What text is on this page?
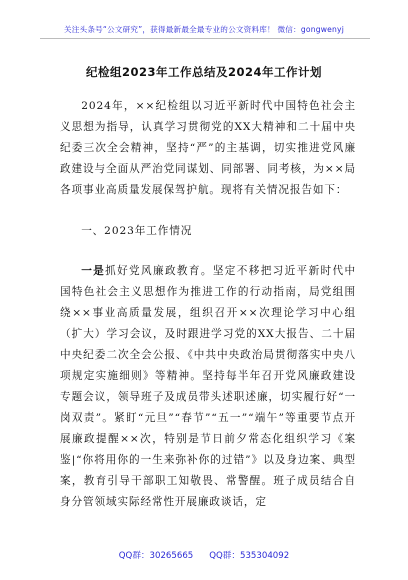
关注头条号“公文研究”，获得最新最全最专业的公文资料库！ 微信：gongwenyj
纪检组2023年工作总结及2024年工作计划

2024年，××纪检组以习近平新时代中国特色社会主义思想为指导，认真学习贯彻党的XX大精神和二十届中央纪委三次全会精神，坚持“严”的主基调，切实推进党风廉政建设与全面从严治党同谋划、同部署、同考核，为××局各项事业高质量发展保驾护航。现将有关情况报告如下：

一、2023年工作情况

一是抓好党风廉政教育。坚定不移把习近平新时代中国特色社会主义思想作为推进工作的行动指南，局党组围绕××事业高质量发展，组织召开××次理论学习中心组（扩大）学习会议，及时跟进学习党的XX大报告、二十届中央纪委二次全会公报、《中共中央政治局贯彻落实中央八项规定实施细则》等精神。坚持每半年召开党风廉政建设专题会议，领导班子及成员带头述职述廉，切实履行好“一岗双责”。紧盯“元旦”“春节”“五一”“端午”等重要节点开展廉政提醒××次，特别是节日前夕常态化组织学习《案鉴|“你将用你的一生来弥补你的过错”》以及身边案、典型案，教育引导干部职工知敬畏、常警醒。班子成员结合自身分管领域实际经常性开展廉政谈话，定

QQ群：30265665 QQ群：535304092
